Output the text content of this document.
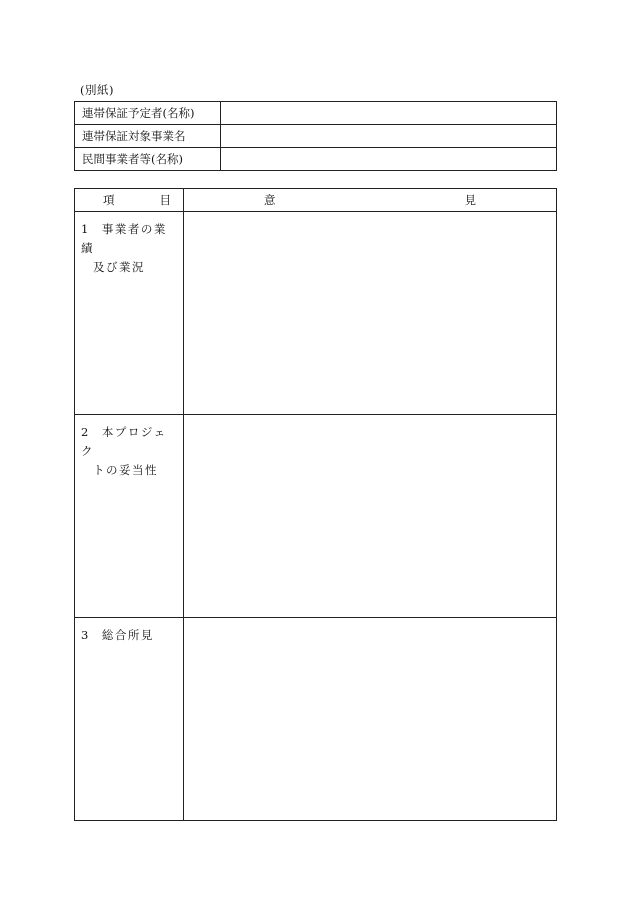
(別紙)
連帯保証予定者(名称)	
連帯保証対象事業名	
民間事業者等(名称)	
項 目	意 見

1 事業者の業績
及び業況	

2 本プロジェク
トの妥当性	

3 総合所見	
